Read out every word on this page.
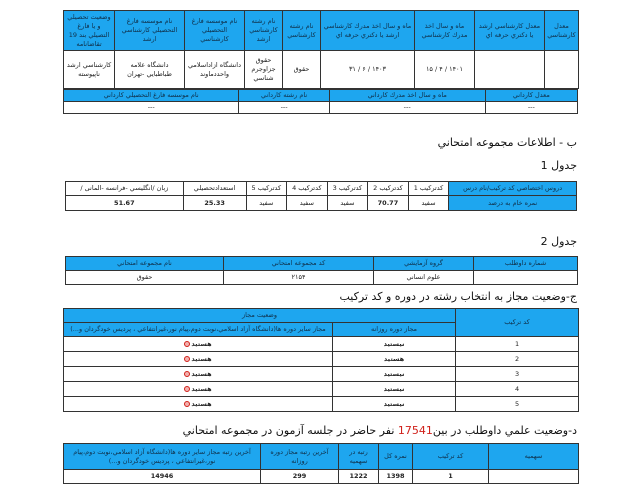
معدل كارشناسي	معدل كارشناسي ارشد يا دكتري حرفه اي	ماه و سال اخذ مدرك كارشناسي	ماه و سال اخذ مدرك كارشناسي ارشد يا دكتري حرفه اي	نام رشته كارشناسي	نام رشته كارشناسي ارشد	نام موسسه فارغ التحصيلي كارشناسي	نام موسسه فارغ التحصيلي كارشناسي ارشد	وضعيت تحصيلي و يا فارغ التصيلي بند 19 تقاضانامه
		۱۴۰۱ / ۴ / ۱۵	۱۴۰۳ / ۶ / ۳۱	حقوق	حقوق جزاوجرم شناسي	دانشگاه ازاداسلامي واحددماوند	دانشگاه علامه طباطبايي -تهران	كارشناسي ارشد ناپيوسته
معدل كارداني	ماه و سال اخذ مدرك كارداني	نام رشته كارداني	نام موسسه فارغ التحصيلي كارداني
---	---	---	---
ب - اطلاعات مجموعه امتحاني
جدول 1
دروس اختصاصي كد تركيب/نام درس	كدتركيب 1	كدتركيب 2	كدتركيب 3	كدتركيب 4	كدتركيب 5	استعدادتحصيلي	زبان /انگليسي -فرانسه -المانی /
نمره خام به درصد	سفيد	70.77	سفيد	سفيد	سفيد	25.33	51.67
جدول 2
شماره داوطلب	گروه آزمايشي	كد مجموعه امتحاني	نام مجموعه امتحاني
	علوم انساني	۲۱۵۴	حقوق
ج-وضعيت مجاز به انتخاب رشته در دوره و كد تركيب
كد تركيب	وضعيت مجاز	
	مجاز دوره روزانه	مجاز ساير دوره ها(دانشگاه آزاد اسلامي،نوبت دوم،پيام نور،غيرانتفاعي ، پرديس خودگردان و...)
1	نيستيد	هستيد

2	هستيد	هستيد

3	نيستيد	هستيد

4	نيستيد	هستيد

5	نيستيد	هستيد
د-وضعيت علمي داوطلب در بين17541 نفر حاضر در جلسه آزمون در مجموعه امتحاني
سهميه	كد تركيب	نمره كل	رتبه در سهميه	آخرين رتبه مجاز دوره روزانه	آخرين رتبه مجاز ساير دوره ها(دانشگاه آزاد اسلامي،نوبت دوم،پيام نور،غيرانتفاعي ، پرديس خودگردان و...)
	1	1398	1222	299	14946
